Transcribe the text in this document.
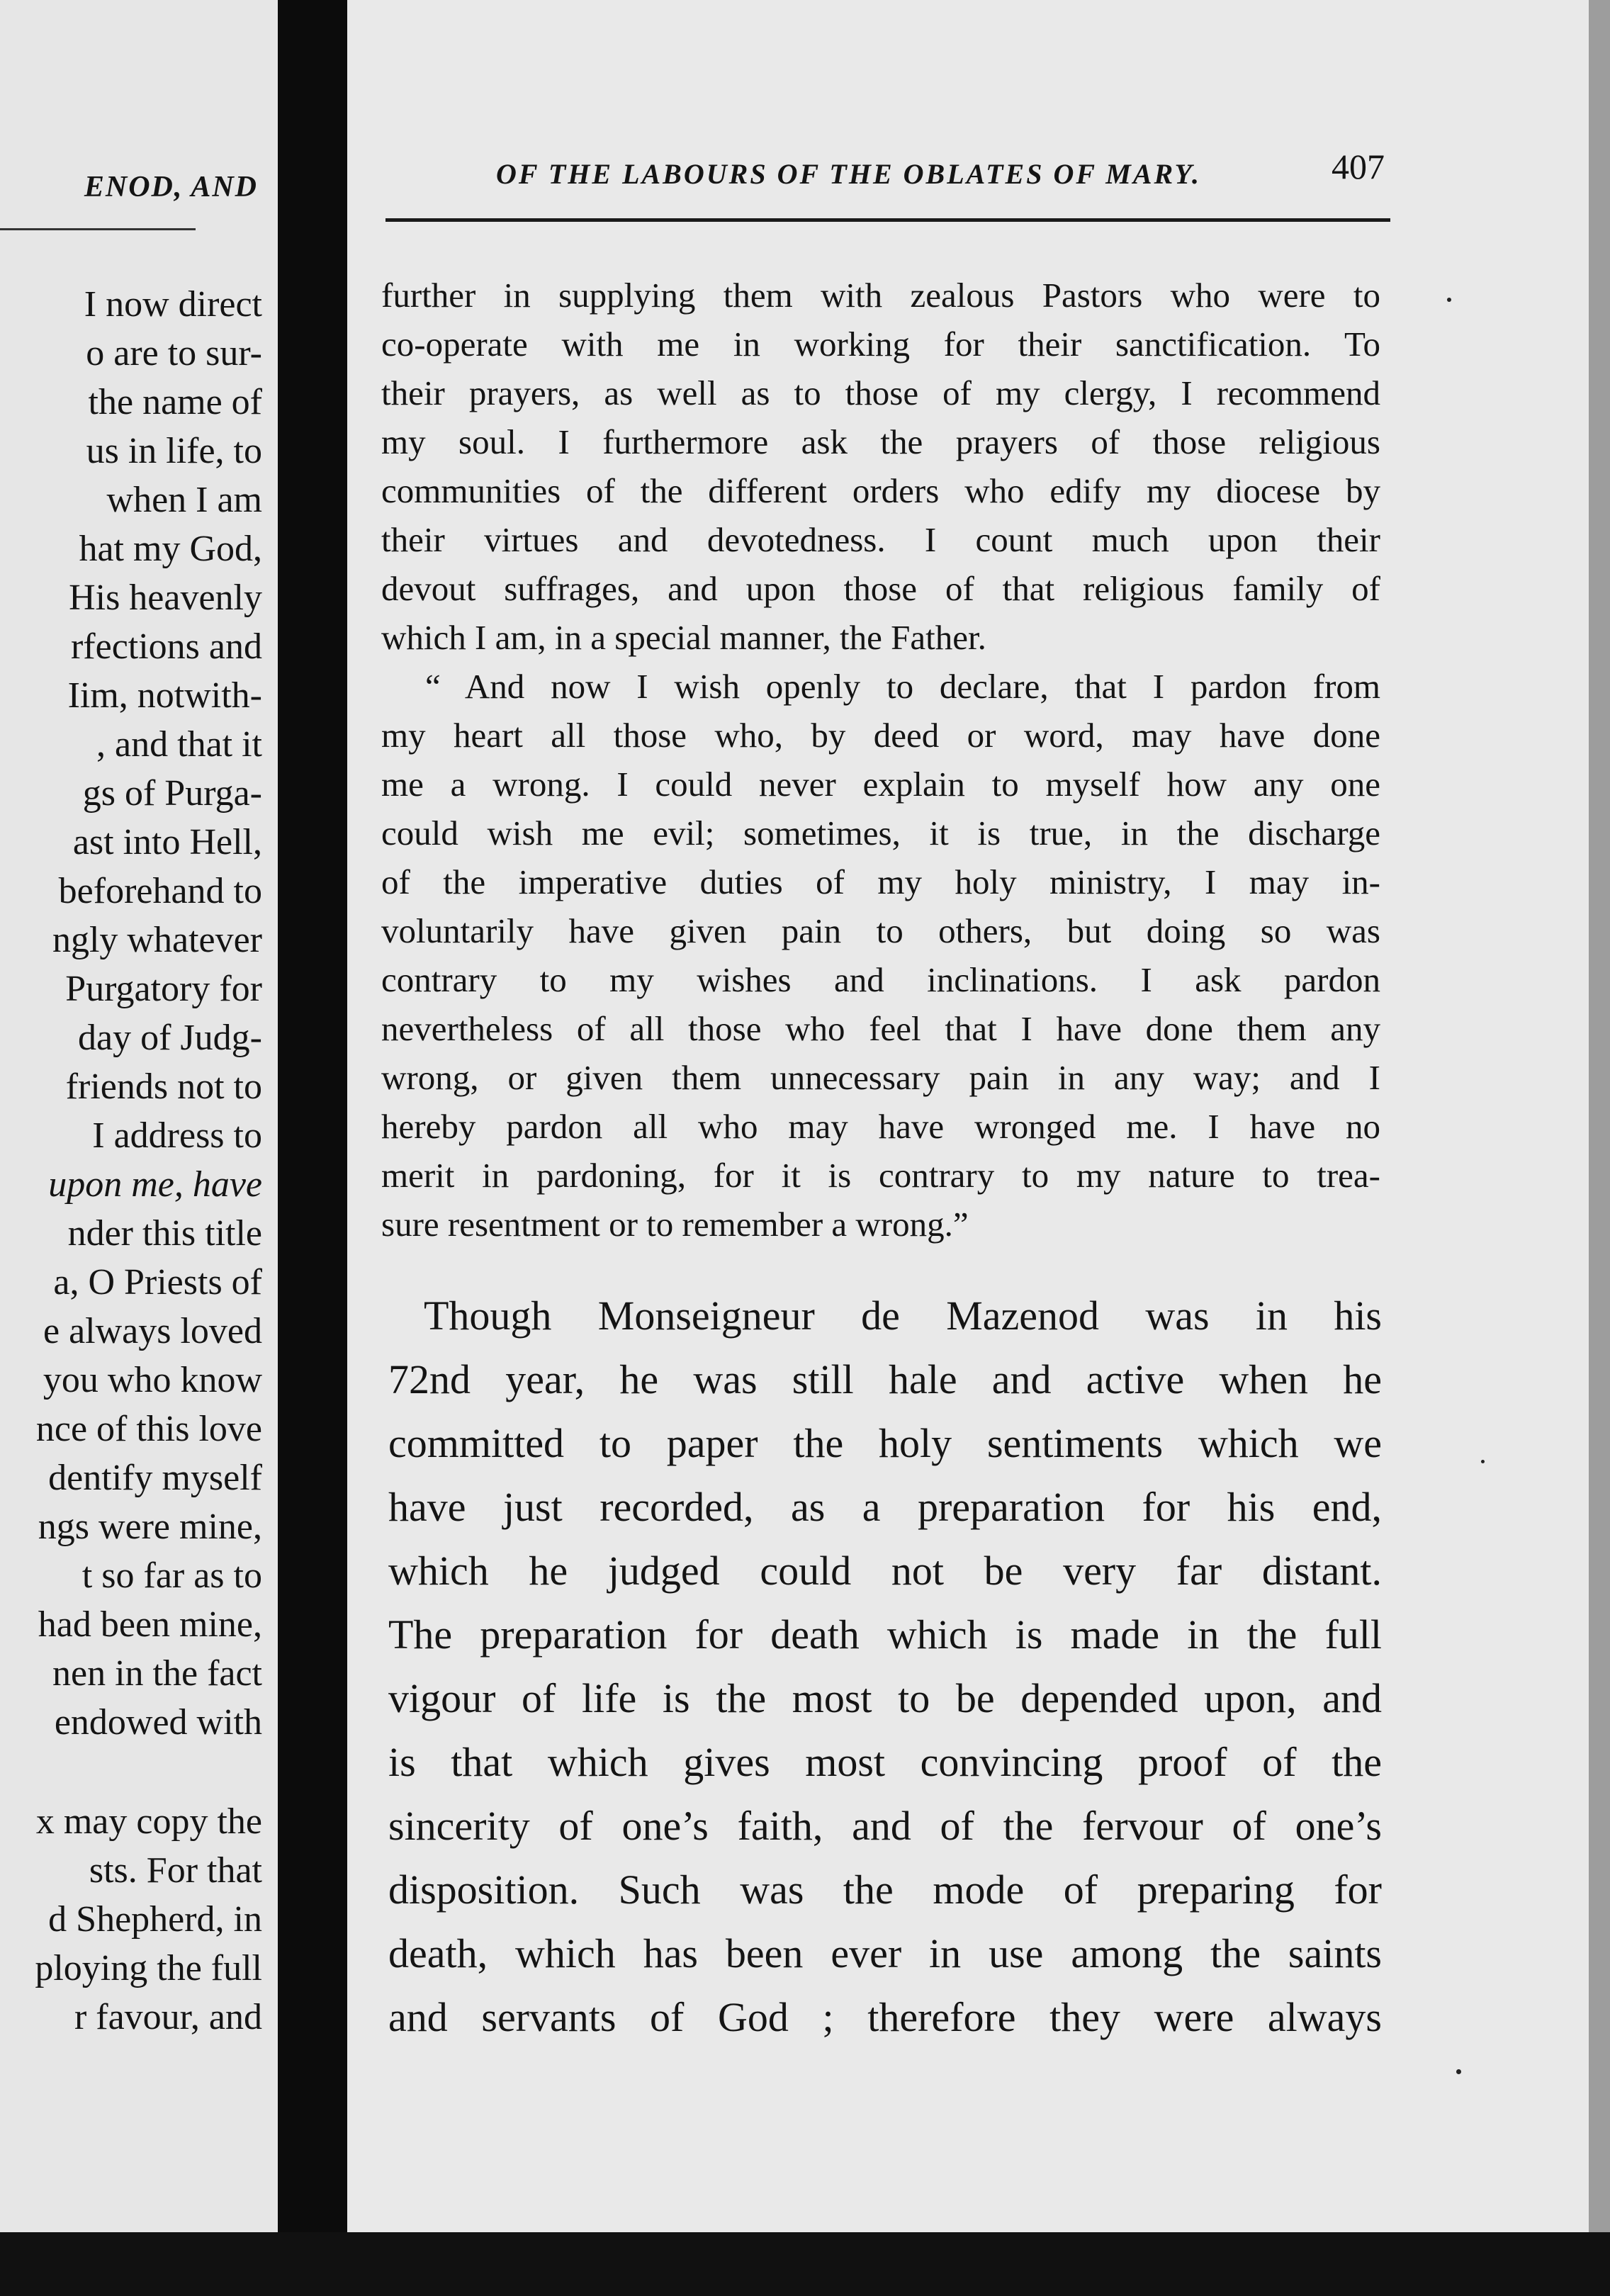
ENOD, AND
I now direct
o are to sur-
the name of
us in life, to
when I am
hat my God,
His heavenly
rfections and
Iim, notwith-
, and that it
gs of Purga-
ast into Hell,
beforehand to
ngly whatever
Purgatory for
day of Judg-
friends not to
I address to
upon me, have
nder this title
a, O Priests of
e always loved
you who know
nce of this love
dentify myself
ngs were mine,
t so far as to
had been mine,
nen in the fact
endowed with
x may copy the
sts. For that
d Shepherd, in
ploying the full
r favour, and
OF THE LABOURS OF THE OBLATES OF MARY.	407
further in supplying them with zealous Pastors who were to
co-operate with me in working for their sanctification. To
their prayers, as well as to those of my clergy, I recommend
my soul. I furthermore ask the prayers of those religious
communities of the different orders who edify my diocese by
their virtues and devotedness. I count much upon their
devout suffrages, and upon those of that religious family of
which I am, in a special manner, the Father.
“ And now I wish openly to declare, that I pardon from
my heart all those who, by deed or word, may have done
me a wrong. I could never explain to myself how any one
could wish me evil; sometimes, it is true, in the discharge
of the imperative duties of my holy ministry, I may in-
voluntarily have given pain to others, but doing so was
contrary to my wishes and inclinations. I ask pardon
nevertheless of all those who feel that I have done them any
wrong, or given them unnecessary pain in any way; and I
hereby pardon all who may have wronged me. I have no
merit in pardoning, for it is contrary to my nature to trea-
sure resentment or to remember a wrong.”
Though Monseigneur de Mazenod was in his
72nd year, he was still hale and active when he
committed to paper the holy sentiments which we
have just recorded, as a preparation for his end,
which he judged could not be very far distant.
The preparation for death which is made in the full
vigour of life is the most to be depended upon, and
is that which gives most convincing proof of the
sincerity of one’s faith, and of the fervour of one’s
disposition. Such was the mode of preparing for
death, which has been ever in use among the saints
and servants of God ; therefore they were always
